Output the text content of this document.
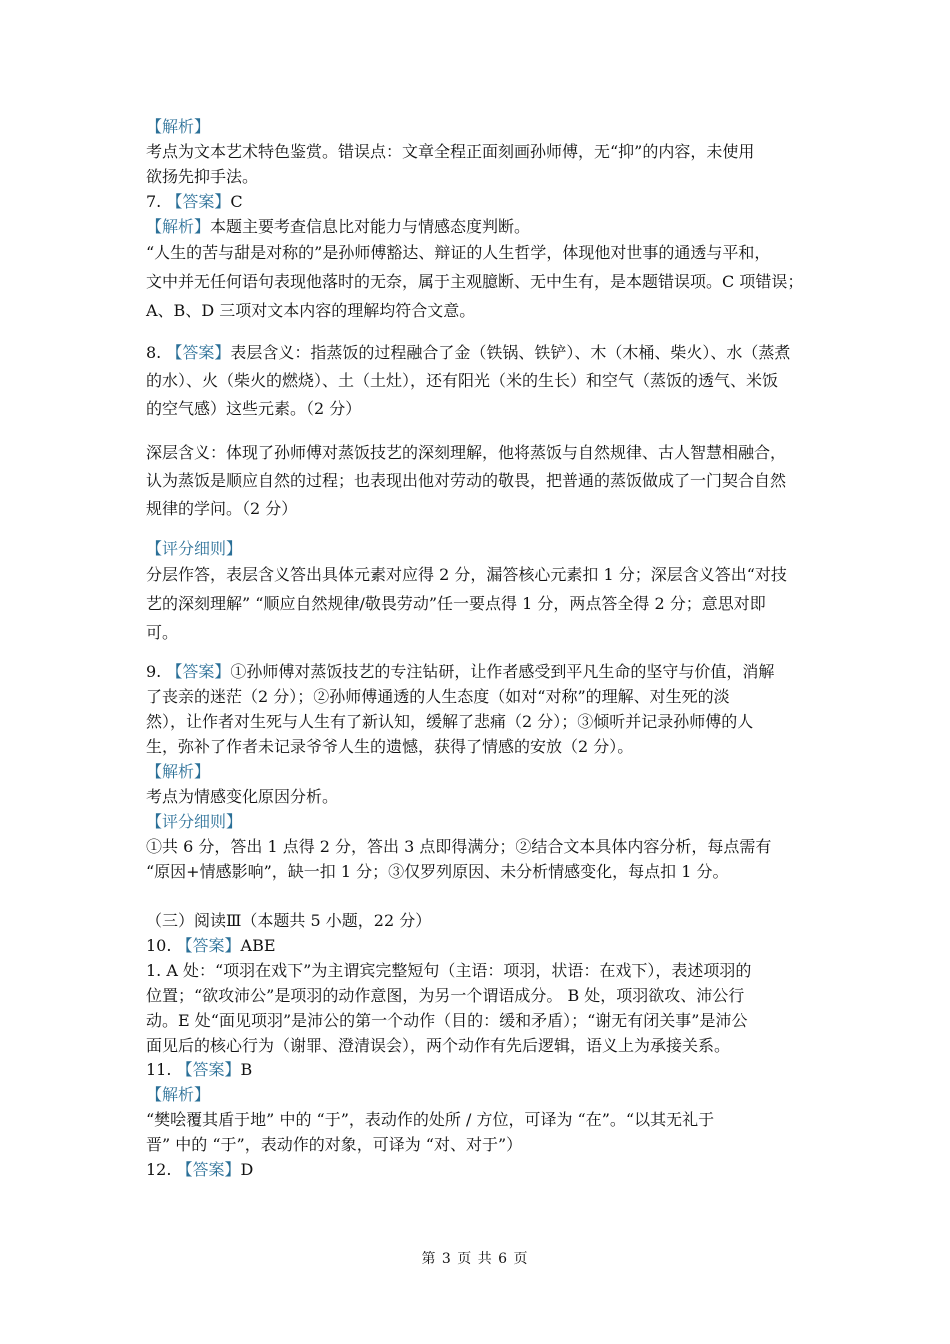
【解析】
考点为文本艺术特色鉴赏。错误点：文章全程正面刻画孙师傅，无“抑”的内容，未使用
欲扬先抑手法。
7. 【答案】C
【解析】本题主要考查信息比对能力与情感态度判断。
“人生的苦与甜是对称的”是孙师傅豁达、辩证的人生哲学，体现他对世事的通透与平和，
文中并无任何语句表现他落时的无奈，属于主观臆断、无中生有，是本题错误项。C 项错误；
A、B、D 三项对文本内容的理解均符合文意。
8. 【答案】表层含义：指蒸饭的过程融合了金（铁锅、铁铲）、木（木桶、柴火）、水（蒸煮
的水）、火（柴火的燃烧）、土（土灶），还有阳光（米的生长）和空气（蒸饭的透气、米饭
的空气感）这些元素。（2 分）
深层含义：体现了孙师傅对蒸饭技艺的深刻理解，他将蒸饭与自然规律、古人智慧相融合，
认为蒸饭是顺应自然的过程；也表现出他对劳动的敬畏，把普通的蒸饭做成了一门契合自然
规律的学问。（2 分）
【评分细则】
分层作答，表层含义答出具体元素对应得 2 分，漏答核心元素扣 1 分；深层含义答出“对技
艺的深刻理解” “顺应自然规律/敬畏劳动”任一要点得 1 分，两点答全得 2 分；意思对即
可。
9. 【答案】①孙师傅对蒸饭技艺的专注钻研，让作者感受到平凡生命的坚守与价值，消解
了丧亲的迷茫（2 分）；②孙师傅通透的人生态度（如对“对称”的理解、对生死的淡
然），让作者对生死与人生有了新认知，缓解了悲痛（2 分）；③倾听并记录孙师傅的人
生，弥补了作者未记录爷爷人生的遗憾，获得了情感的安放（2 分）。
【解析】
考点为情感变化原因分析。
【评分细则】
①共 6 分，答出 1 点得 2 分，答出 3 点即得满分；②结合文本具体内容分析，每点需有
“原因+情感影响”，缺一扣 1 分；③仅罗列原因、未分析情感变化，每点扣 1 分。
（三）阅读Ⅲ（本题共 5 小题，22 分）
10. 【答案】ABE
1. A 处：“项羽在戏下”为主谓宾完整短句（主语：项羽，状语：在戏下），表述项羽的
位置；“欲攻沛公”是项羽的动作意图，为另一个谓语成分。 B 处，项羽欲攻、沛公行
动。E 处“面见项羽”是沛公的第一个动作（目的：缓和矛盾）；“谢无有闭关事”是沛公
面见后的核心行为（谢罪、澄清误会），两个动作有先后逻辑，语义上为承接关系。
11. 【答案】B
【解析】
“樊哙覆其盾于地” 中的 “于”，表动作的处所 / 方位，可译为 “在”。“以其无礼于
晋” 中的 “于”，表动作的对象，可译为 “对、对于”）
12. 【答案】D
第 3 页 共 6 页
